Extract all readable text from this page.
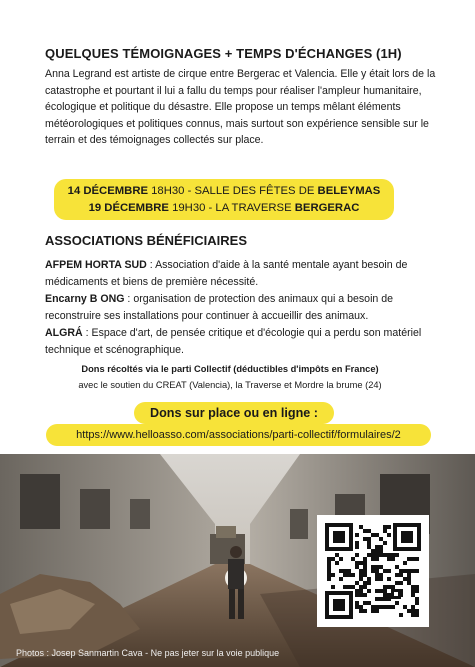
QUELQUES TÉMOIGNAGES + TEMPS D'ÉCHANGES (1H)
Anna Legrand est artiste de cirque entre Bergerac et Valencia. Elle y était lors de la catastrophe et pourtant il lui a fallu du temps pour réaliser l'ampleur humanitaire, écologique et politique du désastre. Elle propose un temps mêlant éléments météorologiques et politiques connus, mais surtout son expérience sensible sur le terrain et des témoignages collectés sur place.
14 DÉCEMBRE 18H30 - SALLE DES FÊTES DE BELEYMAS
19 DÉCEMBRE 19H30 - LA TRAVERSE BERGERAC
ASSOCIATIONS BÉNÉFICIAIRES

AFPEM HORTA SUD : Association d'aide à la santé mentale ayant besoin de médicaments et biens de première nécessité.

Encarny B ONG : organisation de protection des animaux qui a besoin de reconstruire ses installations pour continuer à accueillir des animaux.

ALGRÁ : Espace d'art, de pensée critique et d'écologie qui a perdu son matériel technique et scénographique.

Dons récoltés via le parti Collectif (déductibles d'impôts en France)
avec le soutien du CREAT (Valencia), la Traverse et Mordre la brume (24)
Dons sur place ou en ligne :
https://www.helloasso.com/associations/parti-collectif/formulaires/2
Photos : Josep Sanmartin Cava - Ne pas jeter sur la voie publique
